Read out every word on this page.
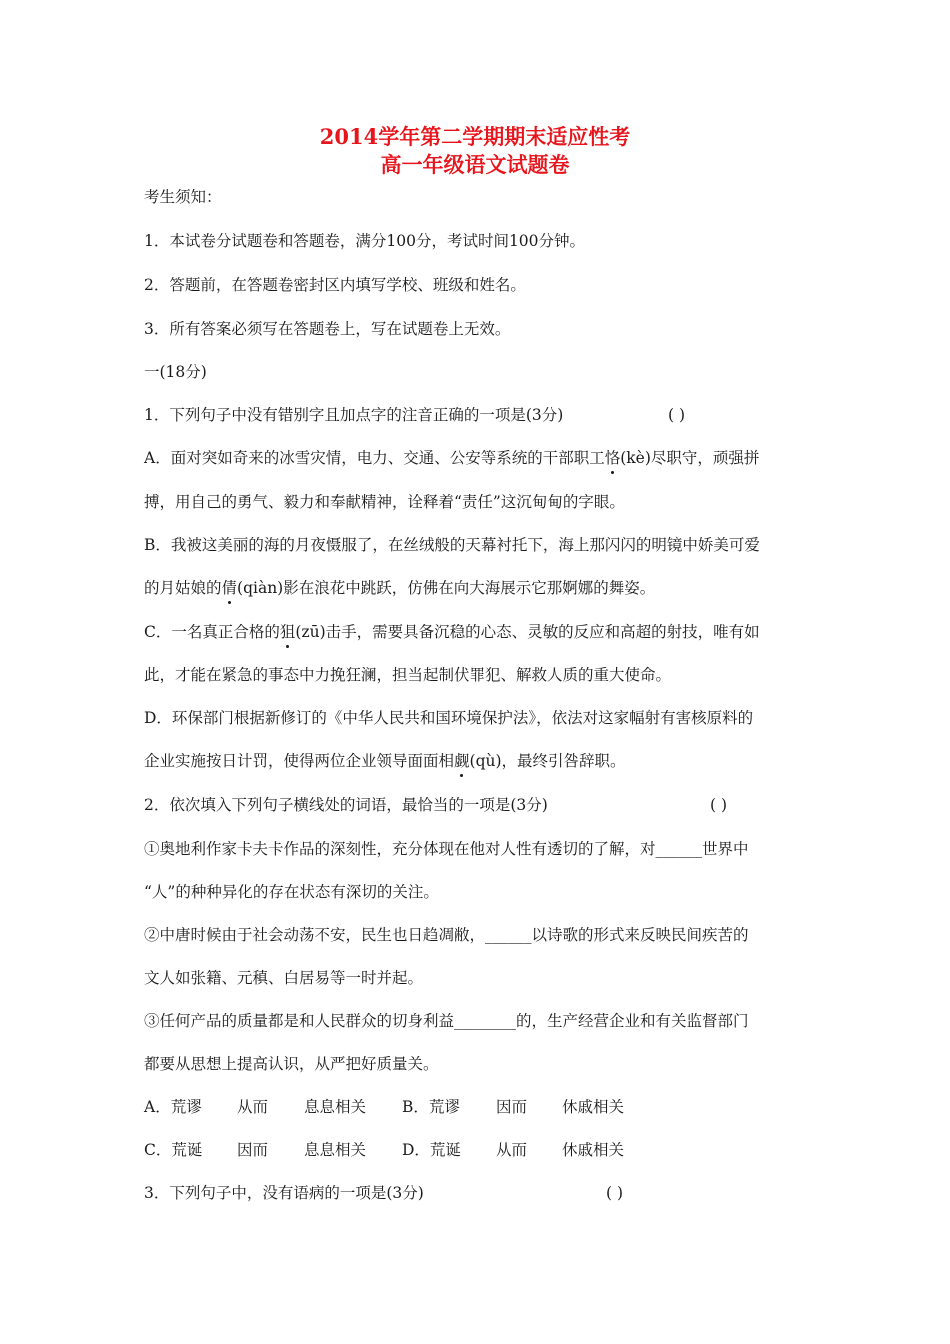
2014学年第二学期期末适应性考
高一年级语文试题卷
考生须知：
1．本试卷分试题卷和答题卷，满分100分，考试时间100分钟。
2．答题前，在答题卷密封区内填写学校、班级和姓名。
3．所有答案必须写在答题卷上，写在试题卷上无效。
一(18分)
1．下列句子中没有错别字且加点字的注音正确的一项是(3分)	( )
A．面对突如奇来的冰雪灾情，电力、交通、公安等系统的干部职工恪(kè)尽职守，顽强拼
搏，用自己的勇气、毅力和奉献精神，诠释着“责任”这沉甸甸的字眼。
B．我被这美丽的海的月夜慑服了，在丝绒般的天幕衬托下，海上那闪闪的明镜中娇美可爱
的月姑娘的倩(qiàn)影在浪花中跳跃，仿佛在向大海展示它那婀娜的舞姿。
C．一名真正合格的狙(zū)击手，需要具备沉稳的心态、灵敏的反应和高超的射技，唯有如
此，才能在紧急的事态中力挽狂澜，担当起制伏罪犯、解救人质的重大使命。
D．环保部门根据新修订的《中华人民共和国环境保护法》，依法对这家幅射有害核原料的
企业实施按日计罚，使得两位企业领导面面相觑(qù)，最终引咎辞职。
2．依次填入下列句子横线处的词语，最恰当的一项是(3分)	( )
①奥地利作家卡夫卡作品的深刻性，充分体现在他对人性有透切的了解，对______世界中
“人”的种种异化的存在状态有深切的关注。
②中唐时候由于社会动荡不安，民生也日趋凋敝，______以诗歌的形式来反映民间疾苦的
文人如张籍、元稹、白居易等一时并起。
③任何产品的质量都是和人民群众的切身利益________的，生产经营企业和有关监督部门
都要从思想上提高认识，从严把好质量关。
A．荒谬 从而 息息相关 B．荒谬 因而 休戚相关
C．荒诞 因而 息息相关 D．荒诞 从而 休戚相关
3．下列句子中，没有语病的一项是(3分)	( )
